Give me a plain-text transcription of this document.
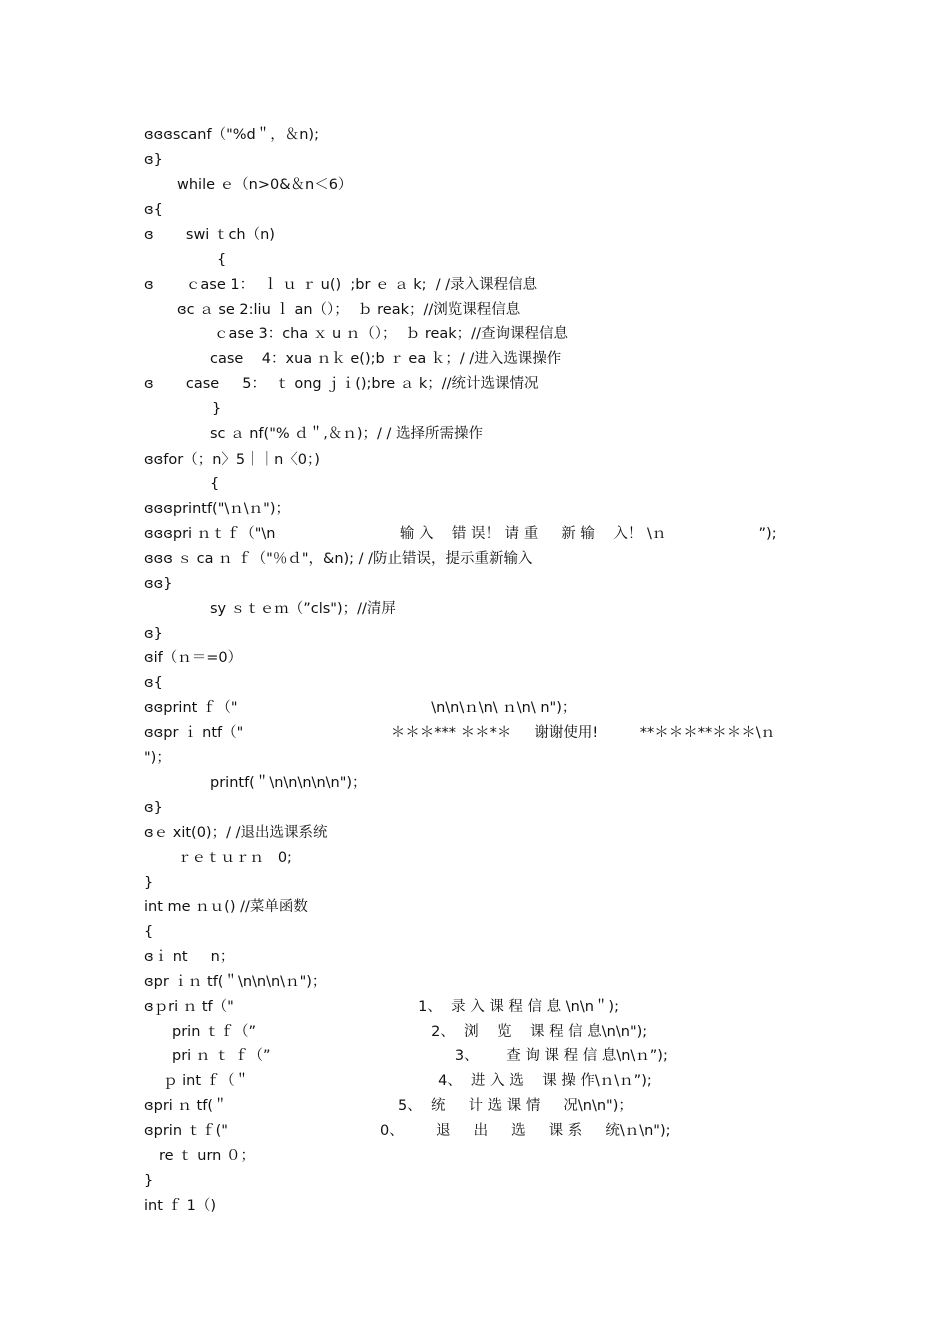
ɞɞɞscanf（"%d＂，＆n);
ɞ}
while ｅ（n>0&＆n＜6）
ɞ{
ɞ       swi ｔch（n)
{
ɞ       ｃase 1：  ｌ ｕ ｒ u()  ;br ｅ ａ k;  / /录入课程信息
ɞc ａ se 2:liu ｌ an（）；  ｂ reak；//浏览课程信息
ｃase 3：cha ｘ u ｎ（）；  ｂ reak；//查询课程信息
case    4：xua ｎｋ e();b ｒ ea ｋ；/ /进入选课操作
ɞ       case     5：  ｔ ong ｊｉ();bre ａ k；//统计选课情况
}
sc ａ nf("% ｄ＂,＆ｎ)；/ / 选择所需操作
ɞɞfor（；n〉5｜｜n〈0；)
{
ɞɞɞprintf("\ｎ\ｎ")；
ɞɞɞpri ｎｔｆ（"\n                           输 入    错 误！ 请 重     新 输    入！ \ｎ                    ”);
ɞɞɞ ｓ ca ｎ ｆ（"％ｄ"，&n); / /防止错误，提示重新输入
ɞɞ}
sy ｓｔｅｍ（”cls")；//清屏
ɞ}
ɞif（ｎ＝=0）
ɞ{
ɞɞprint ｆ（"                                          \n\n\ｎ\n\ ｎ\n\ n")；
ɞɞpr ｉ ntf（"                                ＊＊＊*** ＊＊*＊     谢谢使用!         **＊＊＊**＊＊＊\ｎ
")；
printf(＂\n\n\n\n\n")；
ɞ}
ɞｅ xit(0)；/ /退出选课系统
ｒｅｔｕｒｎ   0;
}
int me ｎｕ() //菜单函数
{
ɞｉ nt     n；
ɞpr ｉｎ tf(＂\n\n\n\ｎ")；
ɞｐri ｎ tf（"                                        1、  录 入 课 程 信 息 \n\n＂);
prin ｔｆ（”                                      2、  浏    览    课 程 信 息\n\n");
pri ｎ ｔ ｆ（”                                        3、      查 询 课 程 信 息\n\ｎ”);
ｐ int ｆ（＂                                         4、  进 入 选    课 操 作\ｎ\ｎ”);
ɞpri ｎ tf(＂                                     5、  统     计 选 课 情     况\n\n")；
ɞprin ｔｆ("                                 0、       退     出     选     课 系     统\ｎ\n");
re ｔ urn ０；
}
int ｆ 1（)
